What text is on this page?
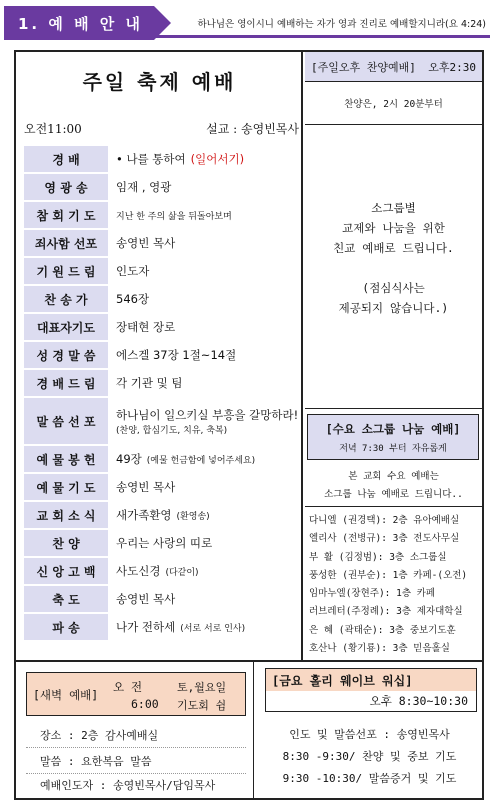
1. 예 배 안 내	하나님은 영이시니 예배하는 자가 영과 진리로 예배할지니라(요 4:24)
주일 축제 예배
오전11:00	설교 : 송영빈목사
경 배	• 나를 통하여 (일어서기)
영 광 송	임재 , 영광
참 회 기 도	지난 한 주의 삶을 뒤돌아보며
죄사함 선포	송영빈 목사
기 원 드 림	인도자
찬 송 가	546장
대표자기도	장태현 장로
성 경 말 씀	에스겔 37장 1절~14절
경 배 드 림	각 기관 및 팀
말 씀 선 포	하나님이 일으키실 부흥을 갈망하라!
(찬양, 합심기도, 치유, 축복)
예 물 봉 헌	49장 (예물 헌금함에 넣어주세요)
예 물 기 도	송영빈 목사
교 회 소 식	새가족환영 (환영송)
찬 양	우리는 사랑의 띠로
신 앙 고 백	사도신경 (다같이)
축 도	송영빈 목사
파 송	나가 전하세 (서로 서로 인사)
[주일오후 찬양예배] 오후2:30
찬양은, 2시 20분부터
소그룹별
교제와 나눔을 위한
친교 예배로 드립니다.
(점심식사는
제공되지 않습니다.)
[수요 소그룹 나눔 예배]
저녁 7:30 부터 자유롭게
본 교회 수요 예배는
소그룹 나눔 예배로 드립니다..
다니엘 (권경택): 2층 유아예배실
엘리사 (전병규): 3층 전도사무실
부 활 (김정범): 3층 소그룹실
풍성한 (권부순): 1층 카페-(오전)
임마누엘(장현주): 1층 카페
러브레터(주정례): 3층 제자대학실
은 혜 (곽태순): 3층 중보기도훈
호산나 (황기룡): 3층 믿음홀실
[새벽 예배]
오 전
6:00
토,월요일
기도회 쉼
장소 : 2층 감사예배실
말씀 : 요한복음 말씀
예배인도자 : 송영빈목사/담임목사
[금요 홀리 웨이브 워십]
오후 8:30~10:30
인도 및 말씀선포 : 송영빈목사
8:30 -9:30/ 찬양 및 중보 기도
9:30 -10:30/ 말씀증거 및 기도
